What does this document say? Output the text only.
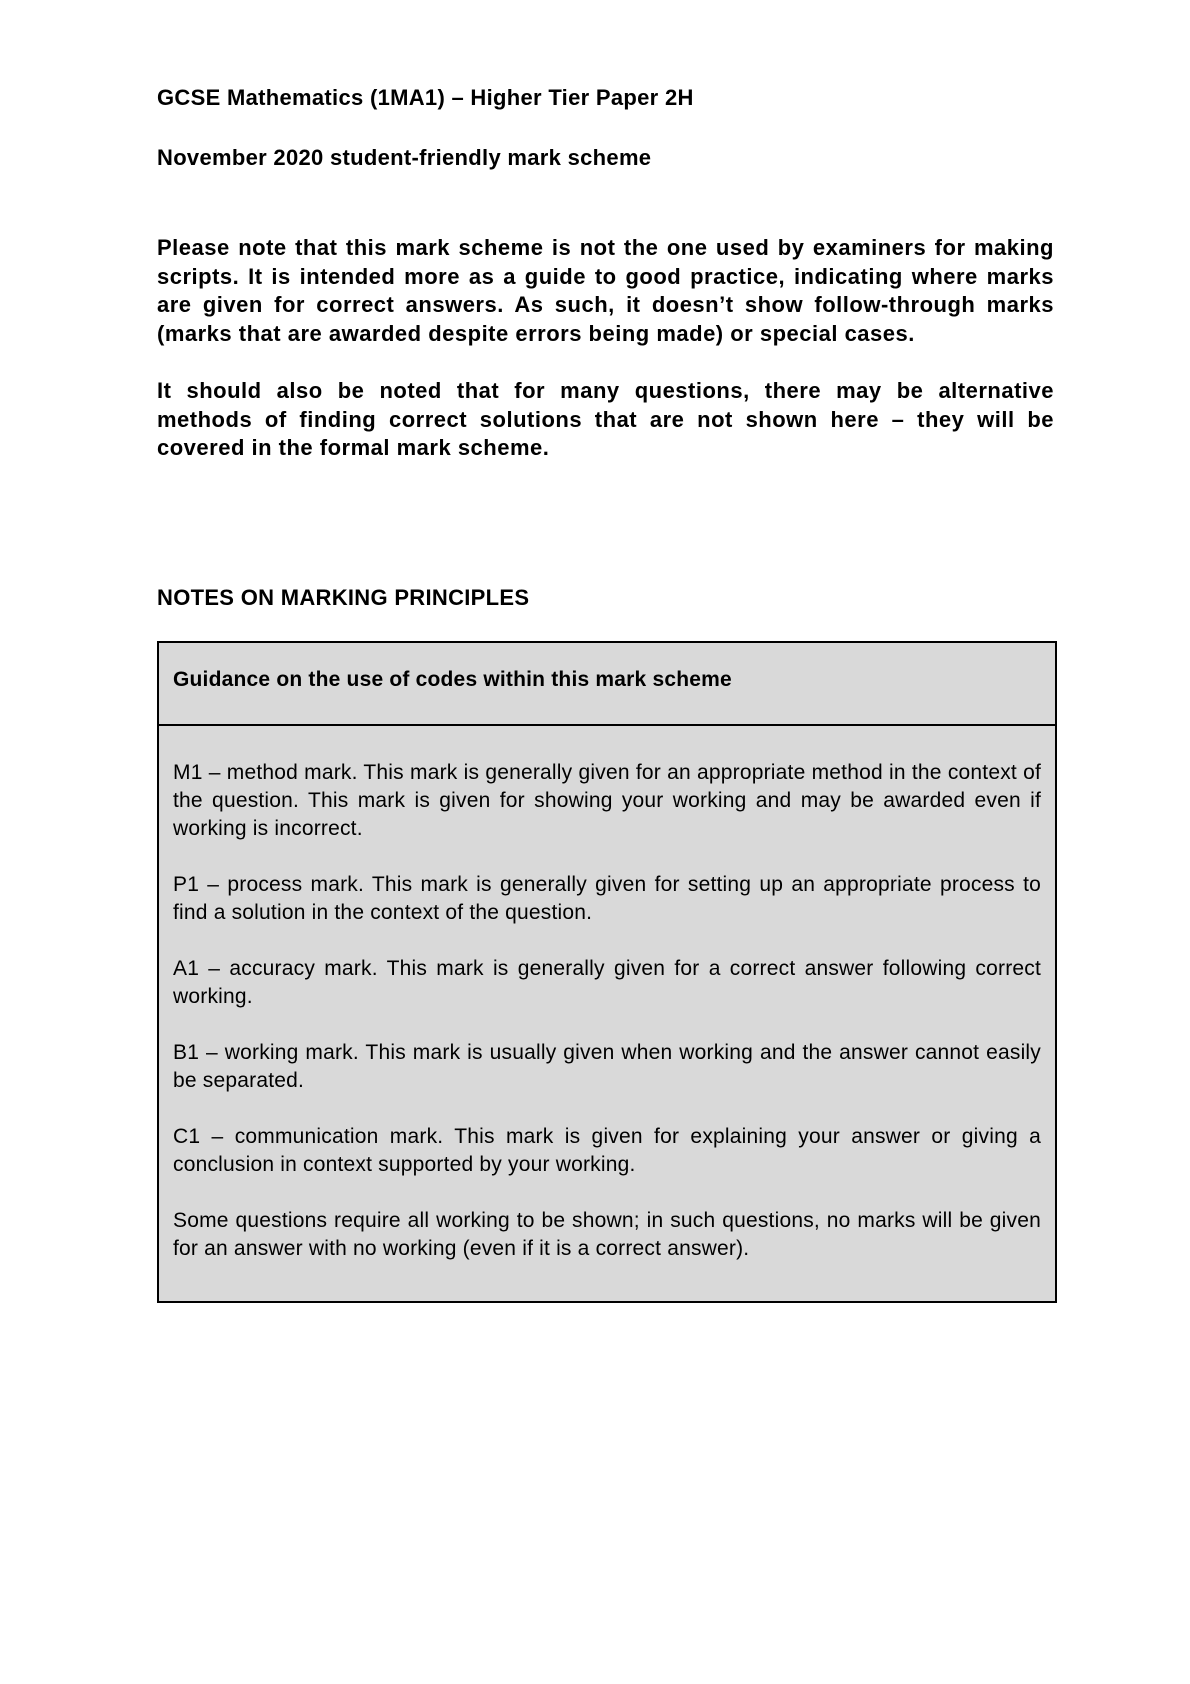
GCSE Mathematics (1MA1) – Higher Tier Paper 2H

November 2020 student-friendly mark scheme

Please note that this mark scheme is not the one used by examiners for making scripts. It is intended more as a guide to good practice, indicating where marks are given for correct answers. As such, it doesn’t show follow-through marks (marks that are awarded despite errors being made) or special cases.

It should also be noted that for many questions, there may be alternative methods of finding correct solutions that are not shown here – they will be covered in the formal mark scheme.

NOTES ON MARKING PRINCIPLES
Guidance on the use of codes within this mark scheme

M1 – method mark. This mark is generally given for an appropriate method in the context of the question. This mark is given for showing your working and may be awarded even if working is incorrect.

P1 – process mark. This mark is generally given for setting up an appropriate process to find a solution in the context of the question.

A1 – accuracy mark. This mark is generally given for a correct answer following correct working.

B1 – working mark. This mark is usually given when working and the answer cannot easily be separated.

C1 – communication mark. This mark is given for explaining your answer or giving a conclusion in context supported by your working.

Some questions require all working to be shown; in such questions, no marks will be given for an answer with no working (even if it is a correct answer).
